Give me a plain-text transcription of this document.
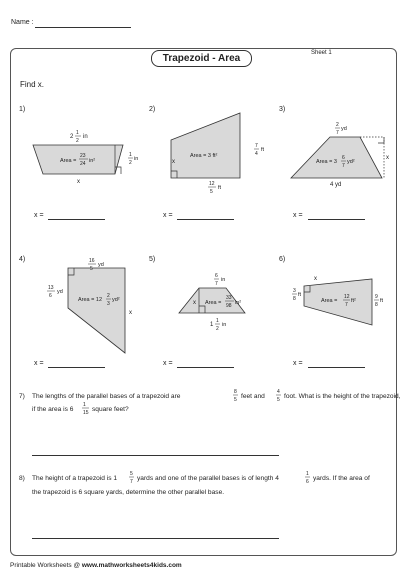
Name :
Trapezoid - Area	Sheet 1
Find x.
1)	2)	3)
4)	5)	6)
x =	x =	x =
x =	x =	x =
2
1
2
in
Area =
23
24 in²
1
2
in
x
Area = 3 ft²
7
4
ft
x
12
5
ft
2
7
yd
Area = 3
6
7
yd²
x
4 yd
16
5
yd
13
6
yd
Area = 12
2
3
yd²
x
6
7
in
x Area =
33
98 in²
1
1
2
in
3
8
ft
x
Area =
12
7
ft²
9
8
ft
8
5
4
5
1
15
5
7
1
6
7) The lengths of the parallel bases of a trapezoid are	feet and	foot. What is the height of the trapezoid,
if the area is 6	square feet?
8) The height of a trapezoid is 1	yards and one of the parallel bases is of length 4	yards. If the area of
the trapezoid is 6 square yards, determine the other parallel base.
Printable Worksheets @ www.mathworksheets4kids.com
